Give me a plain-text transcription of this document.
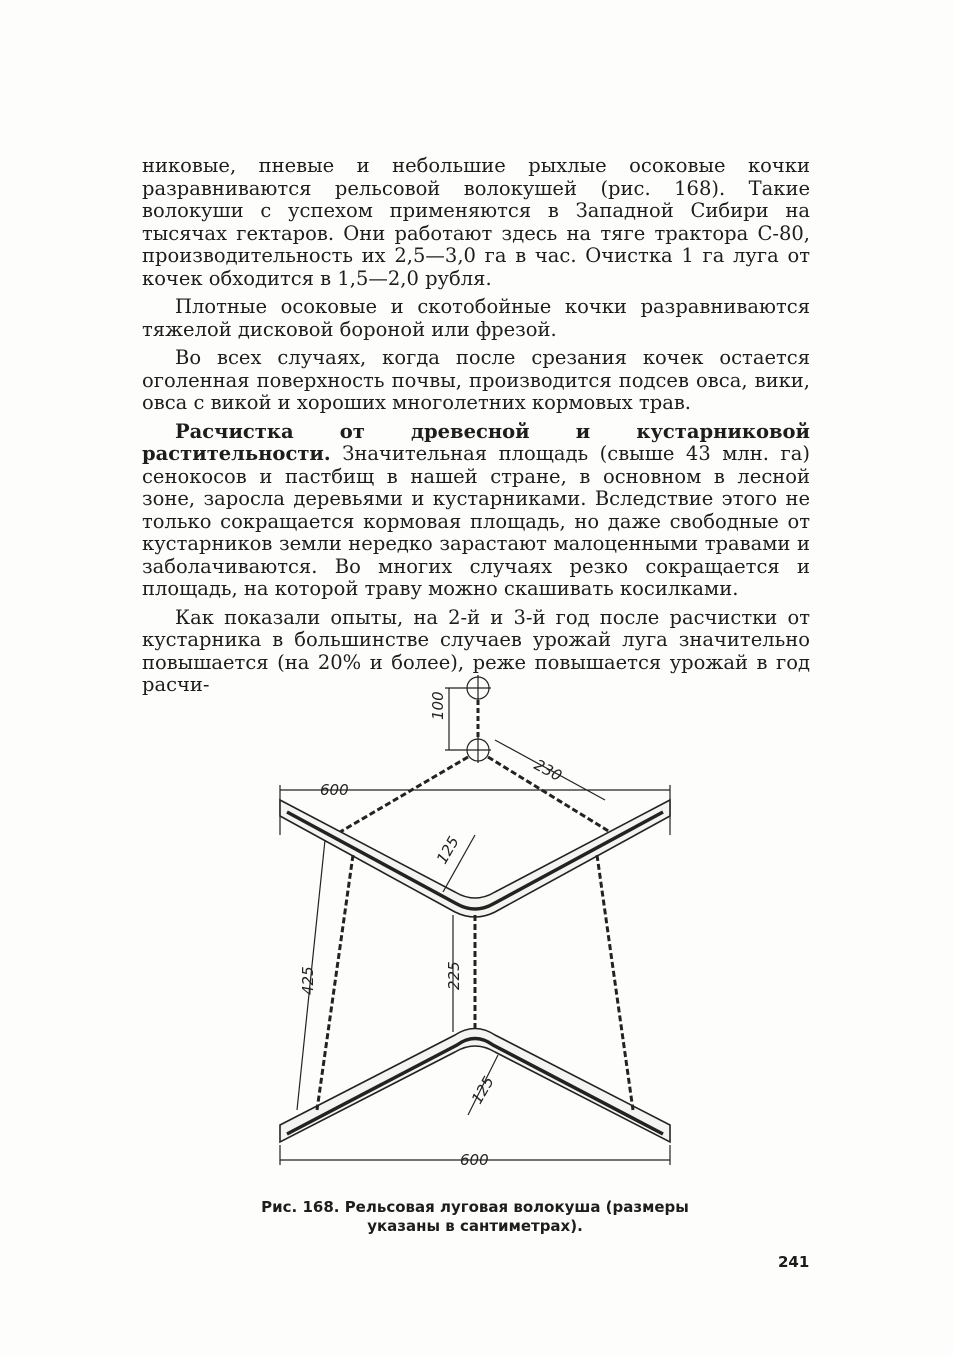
никовые, пневые и небольшие рыхлые осоковые кочки разравниваются рельсовой волокушей (рис. 168). Такие волокуши с успехом применяются в Западной Сибири на тысячах гектаров. Они работают здесь на тяге трактора С-80, производительность их 2,5—3,0 га в час. Очистка 1 га луга от кочек обходится в 1,5—2,0 рубля.

Плотные осоковые и скотобойные кочки разравниваются тяжелой дисковой бороной или фрезой.

Во всех случаях, когда после срезания кочек остается оголенная поверхность почвы, производится подсев овса, вики, овса с викой и хороших многолетних кормовых трав.

Расчистка от древесной и кустарниковой растительности. Значительная площадь (свыше 43 млн. га) сенокосов и пастбищ в нашей стране, в основном в лесной зоне, заросла деревьями и кустарниками. Вследствие этого не только сокращается кормовая площадь, но даже свободные от кустарников земли нередко зарастают малоценными травами и заболачиваются. Во многих случаях резко сокращается и площадь, на которой траву можно скашивать косилками.

Как показали опыты, на 2-й и 3-й год после расчистки от кустарника в большинстве случаев урожай луга значительно повышается (на 20% и более), реже повышается урожай в год расчи-

100
230
600
125
425	225
125
600
Рис. 168. Рельсовая луговая волокуша (размеры
указаны в сантиметрах).
241
